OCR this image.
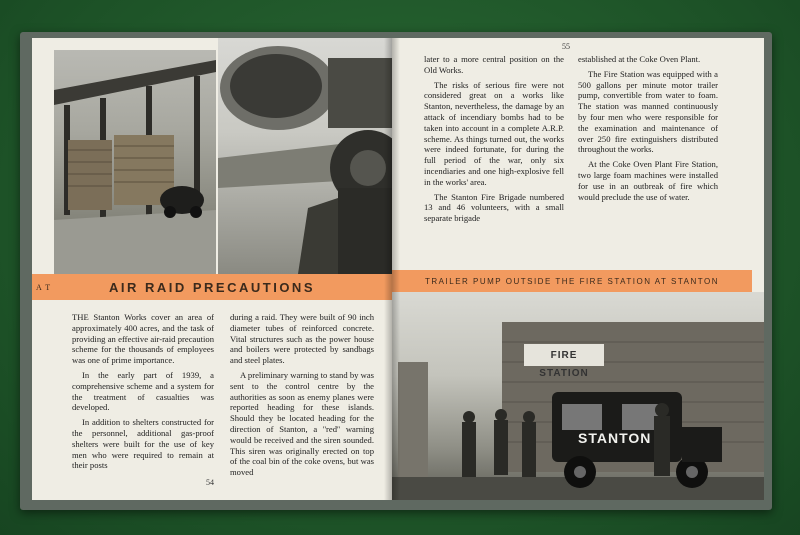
A T	AIR RAID PRECAUTIONS

THE Stanton Works cover an area of approximately 400 acres, and the task of providing an effective air-raid precaution scheme for the thousands of employees was one of prime importance.

In the early part of 1939, a comprehensive scheme and a system for the treatment of casualties was developed.

In addition to shelters constructed for the personnel, additional gas-proof shelters were built for the use of key men who were required to remain at their posts

during a raid. They were built of 90 inch diameter tubes of reinforced concrete. Vital structures such as the power house and boilers were protected by sandbags and steel plates.

A preliminary warning to stand by was sent to the control centre by the authorities as soon as enemy planes were reported heading for these islands. Should they be located heading for the direction of Stanton, a ''red'' warning would be received and the siren sounded. This siren was originally erected on top of the coal bin of the coke ovens, but was moved

54
55

later to a more central position on the Old Works.

The risks of serious fire were not considered great on a works like Stanton, nevertheless, the damage by an attack of incendiary bombs had to be taken into account in a complete A.R.P. scheme. As things turned out, the works were indeed fortunate, for during the full period of the war, only six incendiaries and one high-explosive fell in the works' area.

The Stanton Fire Brigade numbered 13 and 46 volunteers, with a small separate brigade

established at the Coke Oven Plant.

The Fire Station was equipped with a 500 gallons per minute motor trailer pump, convertible from water to foam. The station was manned continuously by four men who were responsible for the examination and maintenance of over 250 fire extinguishers distributed throughout the works.

At the Coke Oven Plant Fire Station, two large foam machines were installed for use in an outbreak of fire which would preclude the use of water.

TRAILER PUMP OUTSIDE THE FIRE STATION AT STANTON
FIRE STATION
STANTON
